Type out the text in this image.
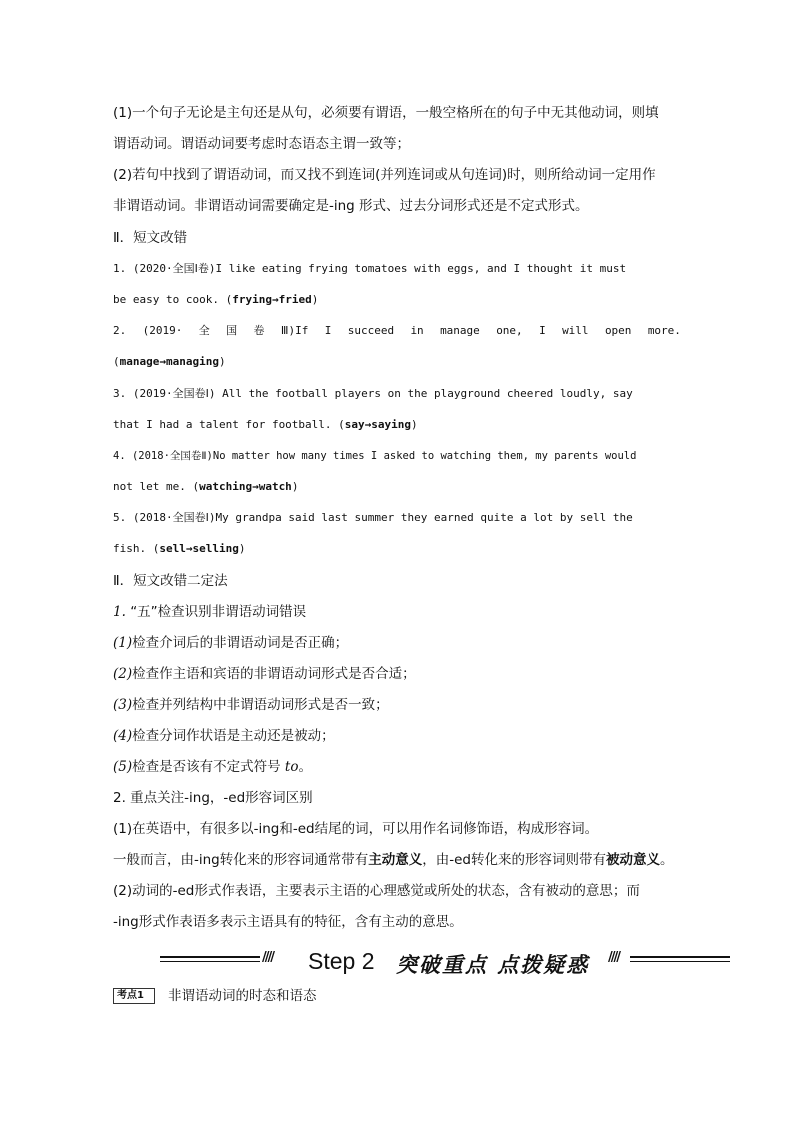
(1)一个句子无论是主句还是从句，必须要有谓语，一般空格所在的句子中无其他动词，则填
谓语动词。谓语动词要考虑时态语态主谓一致等；
(2)若句中找到了谓语动词，而又找不到连词(并列连词或从句连词)时，则所给动词一定用作
非谓语动词。非谓语动词需要确定是-ing 形式、过去分词形式还是不定式形式。
Ⅱ．短文改错
1. (2020·全国Ⅰ卷)I like eating frying tomatoes with eggs, and I thought it must
be easy to cook. (frying→fried)
2. (2019· 全 国 卷 Ⅲ)If I succeed in manage one, I will open more.
(manage→managing)
3. (2019·全国卷Ⅰ) All the football players on the playground cheered loudly, say
that I had a talent for football. (say→saying)
4. (2018·全国卷Ⅱ)No matter how many times I asked to watching them, my parents would
not let me. (watching→watch)
5. (2018·全国卷Ⅰ)My grandpa said last summer they earned quite a lot by sell the
fish. (sell→selling)
Ⅱ．短文改错二定法
1. “五”检查识别非谓语动词错误
(1)检查介词后的非谓语动词是否正确；
(2)检查作主语和宾语的非谓语动词形式是否合适；
(3)检查并列结构中非谓语动词形式是否一致；
(4)检查分词作状语是主动还是被动；
(5)检查是否该有不定式符号 to。
2. 重点关注-ing，-ed形容词区别
(1)在英语中，有很多以-ing和-ed结尾的词，可以用作名词修饰语，构成形容词。
一般而言，由-ing转化来的形容词通常带有主动意义，由-ed转化来的形容词则带有被动意义。
(2)动词的-ed形式作表语，主要表示主语的心理感觉或所处的状态，含有被动的意思；而
-ing形式作表语多表示主语具有的特征，含有主动的意思。
//// Step 2 突破重点 点拨疑惑 ////
考点1	非谓语动词的时态和语态
